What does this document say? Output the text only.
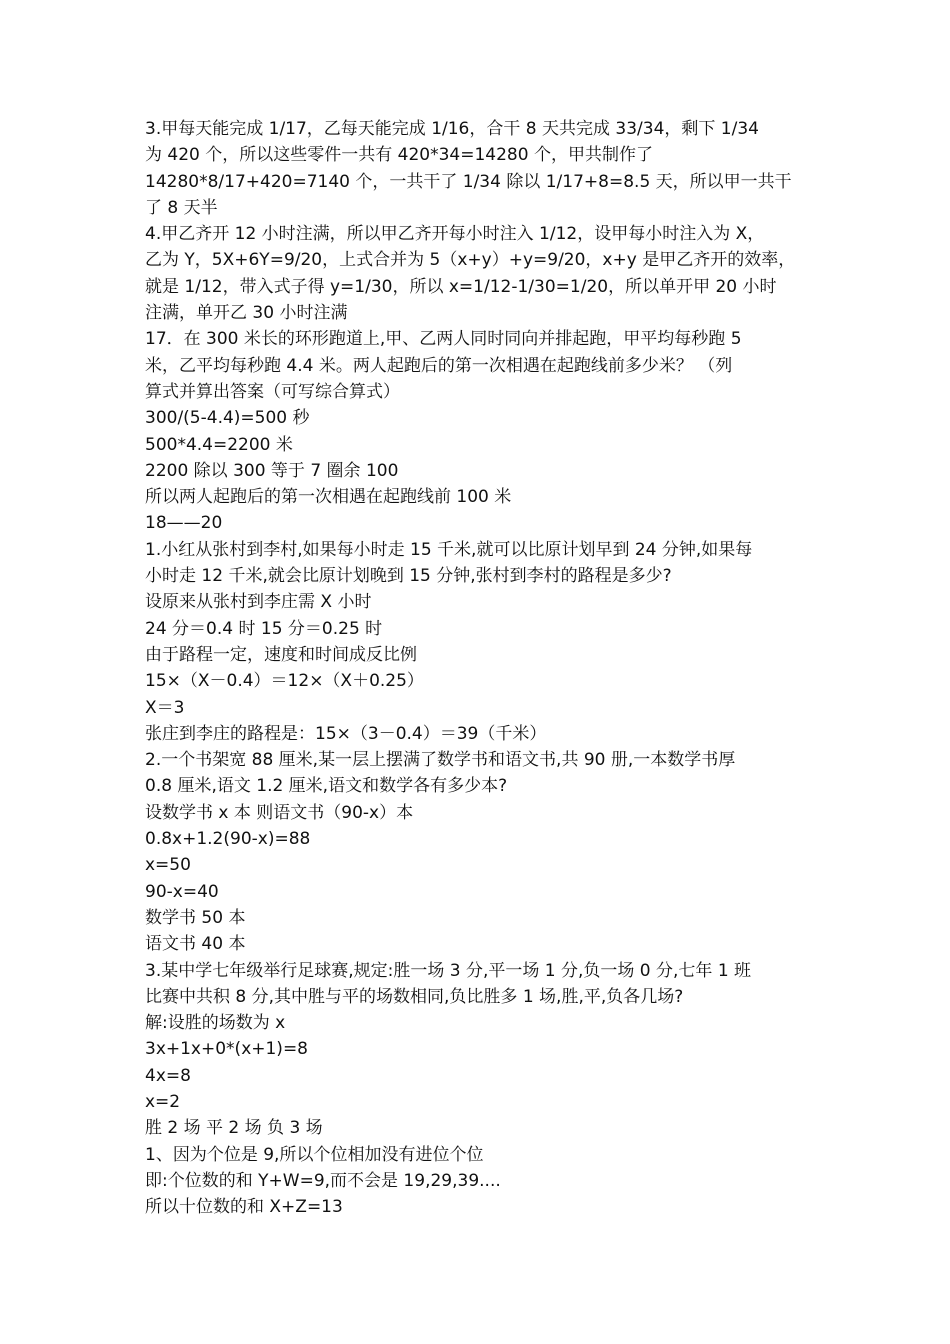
3.甲每天能完成 1/17，乙每天能完成 1/16，合干 8 天共完成 33/34，剩下 1/34
为 420 个，所以这些零件一共有 420*34=14280 个，甲共制作了
14280*8/17+420=7140 个，一共干了 1/34 除以 1/17+8=8.5 天，所以甲一共干
了 8 天半
4.甲乙齐开 12 小时注满，所以甲乙齐开每小时注入 1/12，设甲每小时注入为 X，
乙为 Y，5X+6Y=9/20，上式合并为 5（x+y）+y=9/20，x+y 是甲乙齐开的效率，
就是 1/12，带入式子得 y=1/30，所以 x=1/12-1/30=1/20，所以单开甲 20 小时
注满，单开乙 30 小时注满
17．在 300 米长的环形跑道上,甲、乙两人同时同向并排起跑，甲平均每秒跑 5
米，乙平均每秒跑 4.4 米。两人起跑后的第一次相遇在起跑线前多少米？ （列
算式并算出答案（可写综合算式）
300/(5-4.4)=500 秒
500*4.4=2200 米
2200 除以 300 等于 7 圈余 100
所以两人起跑后的第一次相遇在起跑线前 100 米
18——20
1.小红从张村到李村,如果每小时走 15 千米,就可以比原计划早到 24 分钟,如果每
小时走 12 千米,就会比原计划晚到 15 分钟,张村到李村的路程是多少?
设原来从张村到李庄需 X 小时
24 分＝0.4 时 15 分＝0.25 时
由于路程一定，速度和时间成反比例
15×（X－0.4）＝12×（X＋0.25）
X＝3
张庄到李庄的路程是：15×（3－0.4）＝39（千米）
2.一个书架宽 88 厘米,某一层上摆满了数学书和语文书,共 90 册,一本数学书厚
0.8 厘米,语文 1.2 厘米,语文和数学各有多少本?
设数学书 x 本 则语文书（90-x）本
0.8x+1.2(90-x)=88
x=50
90-x=40
数学书 50 本
语文书 40 本
3.某中学七年级举行足球赛,规定:胜一场 3 分,平一场 1 分,负一场 0 分,七年 1 班
比赛中共积 8 分,其中胜与平的场数相同,负比胜多 1 场,胜,平,负各几场?
解:设胜的场数为 x
3x+1x+0*(x+1)=8
4x=8
x=2
胜 2 场 平 2 场 负 3 场
1、因为个位是 9,所以个位相加没有进位个位
即:个位数的和 Y+W=9,而不会是 19,29,39....
所以十位数的和 X+Z=13
